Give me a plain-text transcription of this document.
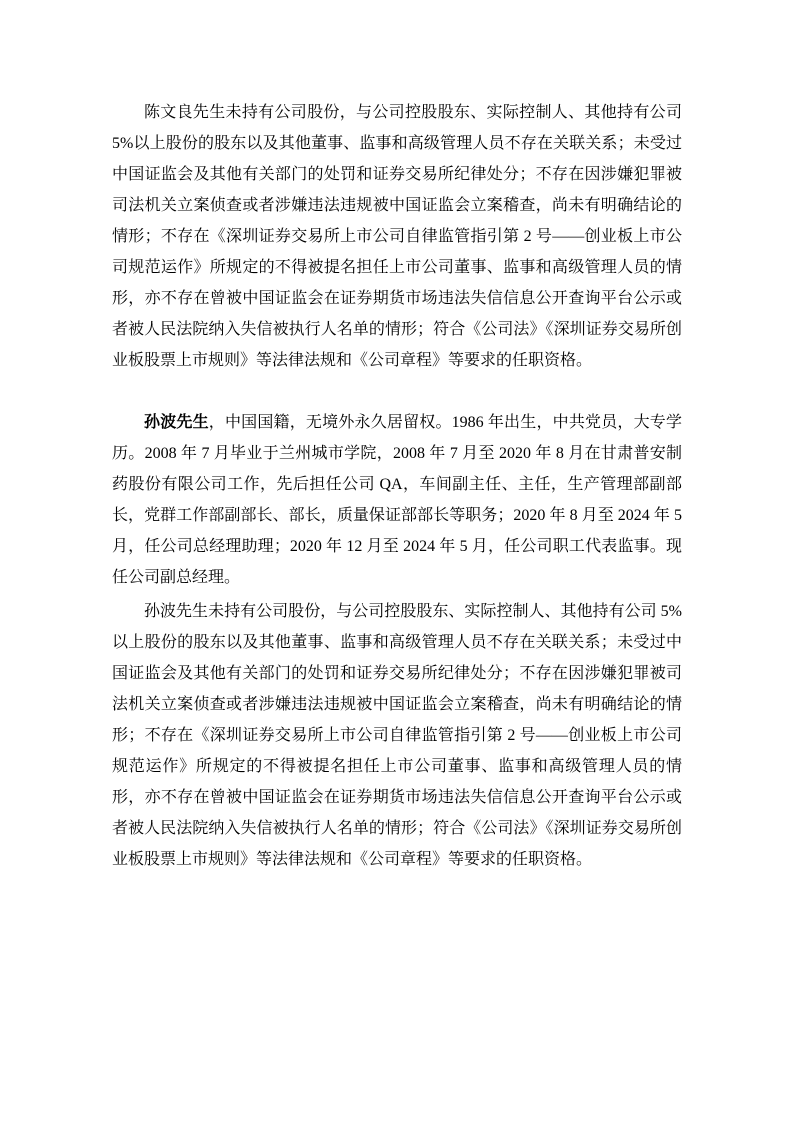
陈文良先生未持有公司股份，与公司控股股东、实际控制人、其他持有公司5%以上股份的股东以及其他董事、监事和高级管理人员不存在关联关系；未受过中国证监会及其他有关部门的处罚和证券交易所纪律处分；不存在因涉嫌犯罪被司法机关立案侦查或者涉嫌违法违规被中国证监会立案稽查，尚未有明确结论的情形；不存在《深圳证券交易所上市公司自律监管指引第 2 号——创业板上市公司规范运作》所规定的不得被提名担任上市公司董事、监事和高级管理人员的情形，亦不存在曾被中国证监会在证券期货市场违法失信信息公开查询平台公示或者被人民法院纳入失信被执行人名单的情形；符合《公司法》《深圳证券交易所创业板股票上市规则》等法律法规和《公司章程》等要求的任职资格。

孙波先生，中国国籍，无境外永久居留权。1986 年出生，中共党员，大专学历。2008 年 7 月毕业于兰州城市学院，2008 年 7 月至 2020 年 8 月在甘肃普安制药股份有限公司工作，先后担任公司 QA，车间副主任、主任，生产管理部副部长，党群工作部副部长、部长，质量保证部部长等职务；2020 年 8 月至 2024 年 5 月，任公司总经理助理；2020 年 12 月至 2024 年 5 月，任公司职工代表监事。现任公司副总经理。

孙波先生未持有公司股份，与公司控股股东、实际控制人、其他持有公司 5%以上股份的股东以及其他董事、监事和高级管理人员不存在关联关系；未受过中国证监会及其他有关部门的处罚和证券交易所纪律处分；不存在因涉嫌犯罪被司法机关立案侦查或者涉嫌违法违规被中国证监会立案稽查，尚未有明确结论的情形；不存在《深圳证券交易所上市公司自律监管指引第 2 号——创业板上市公司规范运作》所规定的不得被提名担任上市公司董事、监事和高级管理人员的情形，亦不存在曾被中国证监会在证券期货市场违法失信信息公开查询平台公示或者被人民法院纳入失信被执行人名单的情形；符合《公司法》《深圳证券交易所创业板股票上市规则》等法律法规和《公司章程》等要求的任职资格。
